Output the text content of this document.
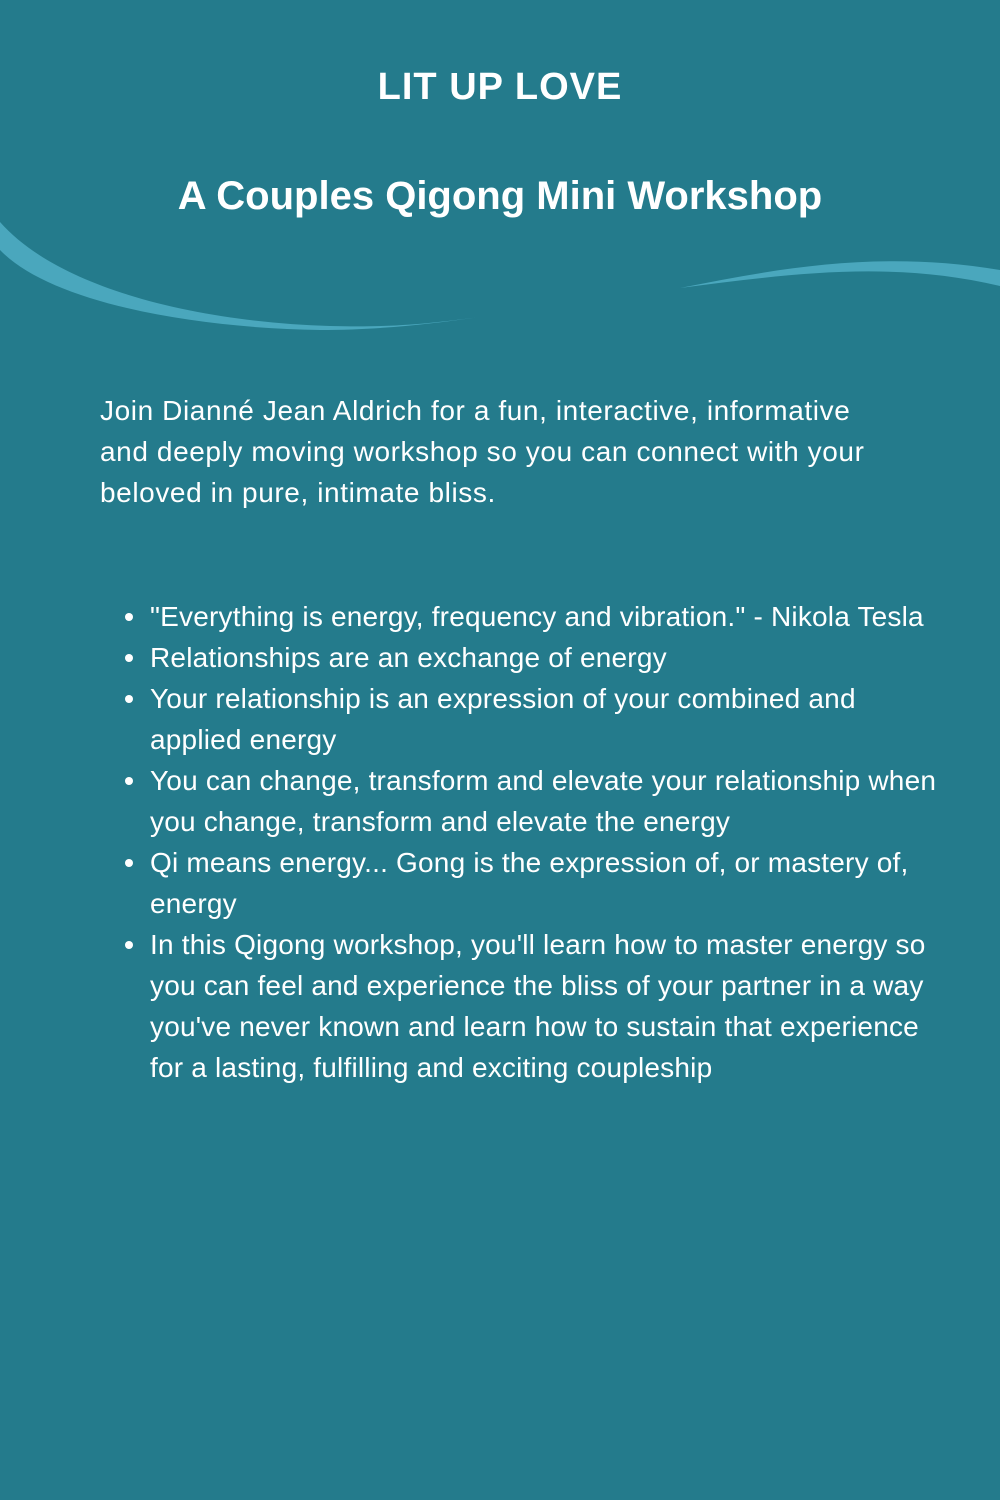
LIT UP LOVE
A Couples Qigong Mini Workshop

Join Dianné Jean Aldrich for a fun, interactive, informative and deeply moving workshop so you can connect with your beloved in pure, intimate bliss.

"Everything is energy, frequency and vibration." - Nikola Tesla
Relationships are an exchange of energy
Your relationship is an expression of your combined and applied energy
You can change, transform and elevate your relationship when you change, transform and elevate the energy
Qi means energy... Gong is the expression of, or mastery of, energy
In this Qigong workshop, you'll learn how to master energy so you can feel and experience the bliss of your partner in a way you've never known and learn how to sustain that experience for a lasting, fulfilling and exciting coupleship
